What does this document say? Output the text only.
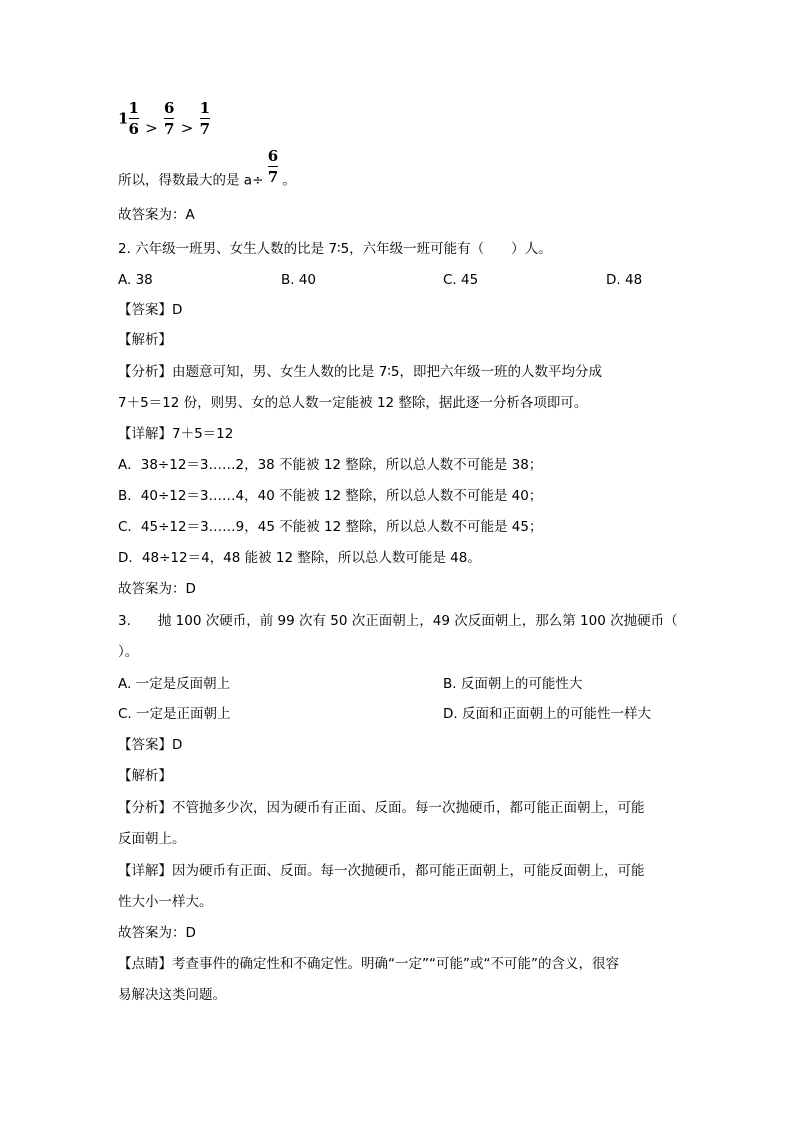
$1 \frac{1}{6} > \frac{6}{7} > \frac{1}{7}$
所以，得数最大的是 $a\div \frac{6}{7}$ 。
故答案为：A
2. 六年级一班男、女生人数的比是 7∶5，六年级一班可能有（　　）人。
A. 38	B. 40	C. 45	D. 48
【答案】D
【解析】
【分析】由题意可知，男、女生人数的比是 7∶5，即把六年级一班的人数平均分成
7＋5＝12 份，则男、女的总人数一定能被 12 整除，据此逐一分析各项即可。
【详解】7＋5＝12
A．38÷12＝3……2，38 不能被 12 整除，所以总人数不可能是 38；
B．40÷12＝3……4，40 不能被 12 整除，所以总人数不可能是 40；
C．45÷12＝3……9，45 不能被 12 整除，所以总人数不可能是 45；
D．48÷12＝4，48 能被 12 整除，所以总人数可能是 48。
故答案为：D
3.　　抛 100 次硬币，前 99 次有 50 次正面朝上，49 次反面朝上，那么第 100 次抛硬币（
）。
A. 一定是反面朝上	B. 反面朝上的可能性大
C. 一定是正面朝上	D. 反面和正面朝上的可能性一样大
【答案】D
【解析】
【分析】不管抛多少次，因为硬币有正面、反面。每一次抛硬币，都可能正面朝上，可能
反面朝上。
【详解】因为硬币有正面、反面。每一次抛硬币，都可能正面朝上，可能反面朝上，可能
性大小一样大。
故答案为：D
【点睛】考查事件的确定性和不确定性。明确“一定”“可能”或“不可能”的含义，很容
易解决这类问题。
